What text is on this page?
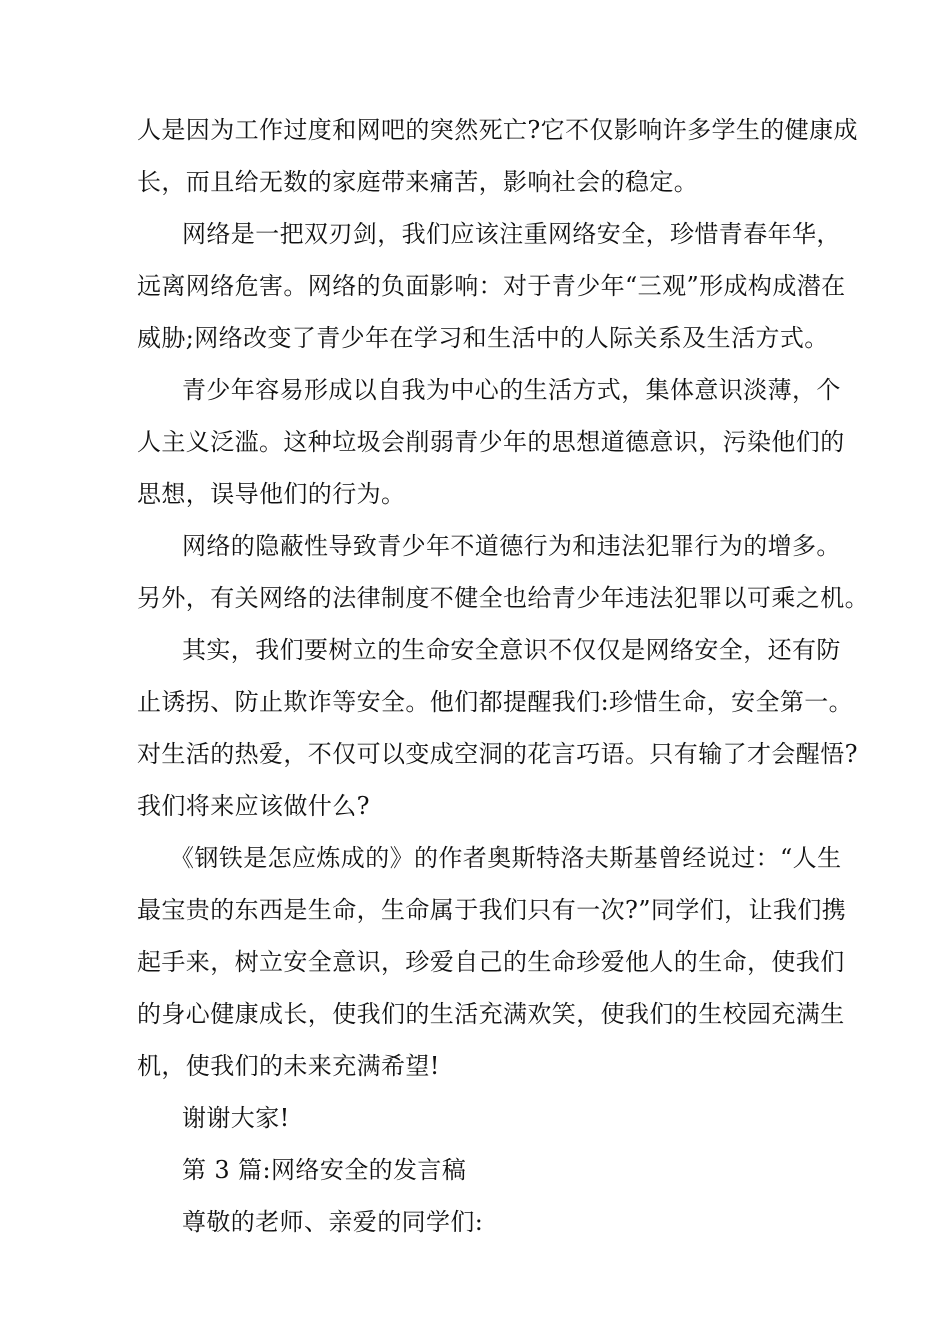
人是因为工作过度和网吧的突然死亡?它不仅影响许多学生的健康成
长，而且给无数的家庭带来痛苦，影响社会的稳定。
网络是一把双刃剑，我们应该注重网络安全，珍惜青春年华，
远离网络危害。网络的负面影响：对于青少年“三观”形成构成潜在
威胁;网络改变了青少年在学习和生活中的人际关系及生活方式。
青少年容易形成以自我为中心的生活方式，集体意识淡薄，个
人主义泛滥。这种垃圾会削弱青少年的思想道德意识，污染他们的
思想，误导他们的行为。
网络的隐蔽性导致青少年不道德行为和违法犯罪行为的增多。
另外，有关网络的法律制度不健全也给青少年违法犯罪以可乘之机。
其实，我们要树立的生命安全意识不仅仅是网络安全，还有防
止诱拐、防止欺诈等安全。他们都提醒我们:珍惜生命，安全第一。
对生活的热爱，不仅可以变成空洞的花言巧语。只有输了才会醒悟?
我们将来应该做什么?
《钢铁是怎应炼成的》的作者奥斯特洛夫斯基曾经说过：“人生
最宝贵的东西是生命，生命属于我们只有一次?”同学们，让我们携
起手来，树立安全意识，珍爱自己的生命珍爱他人的生命，使我们
的身心健康成长，使我们的生活充满欢笑，使我们的生校园充满生
机，使我们的未来充满希望!
谢谢大家!
第 3 篇:网络安全的发言稿
尊敬的老师、亲爱的同学们:
